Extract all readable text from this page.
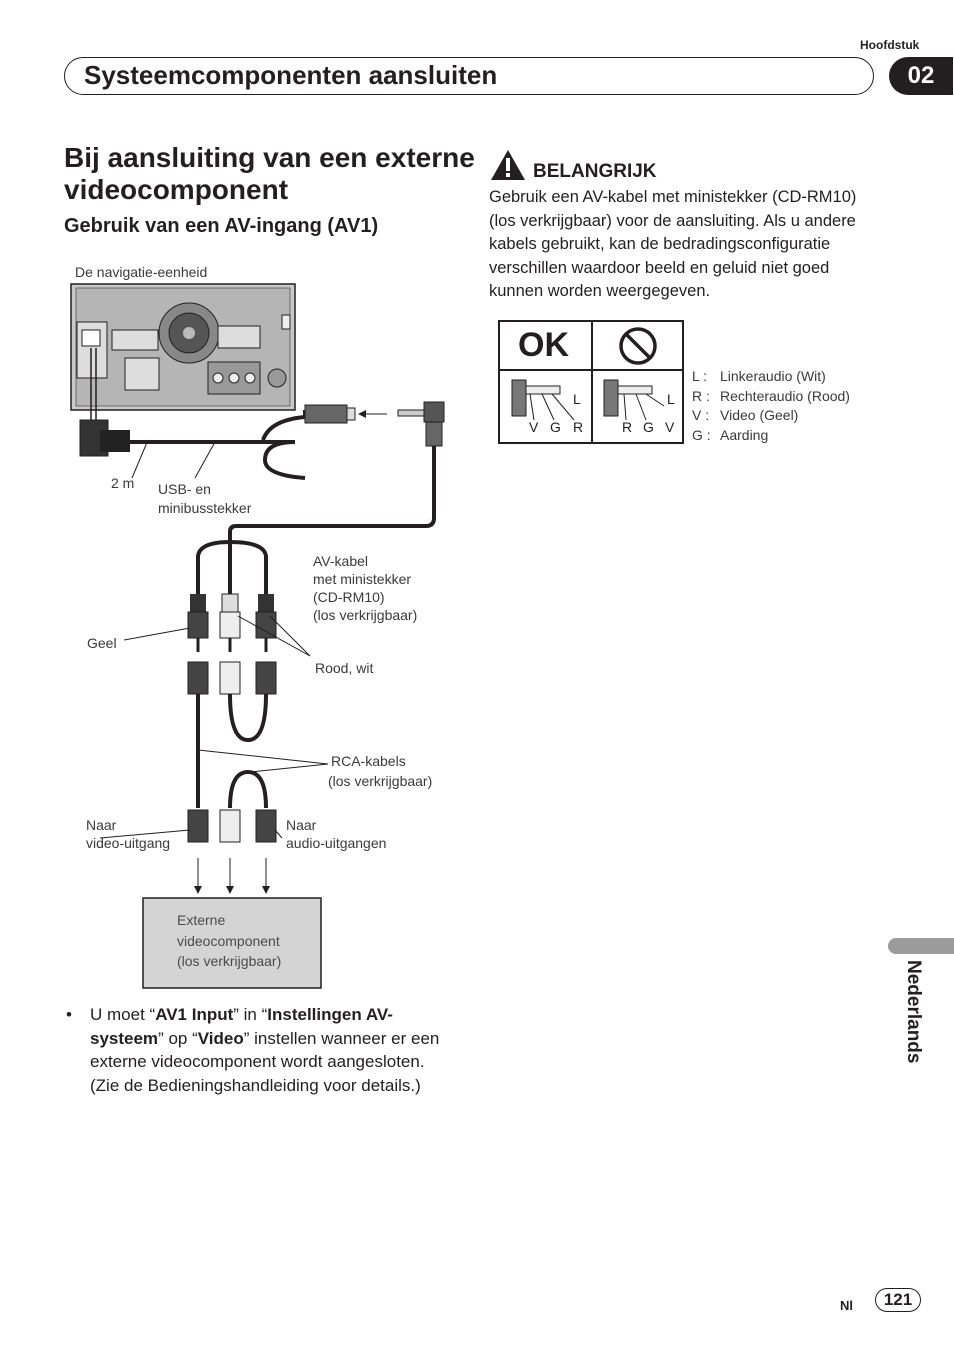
Hoofdstuk
Systeemcomponenten aansluiten	02
Bij aansluiting van een externe videocomponent
Gebruik van een AV-ingang (AV1)
De navigatie-eenheid
2 m USB- en
minibusstekker
AV-kabel
met ministekker
(CD-RM10)
(los verkrijgbaar)
Geel
Rood, wit
RCA-kabels
(los verkrijgbaar)
Naar
video-uitgang
Naar
audio-uitgangen
Externe
videocomponent
(los verkrijgbaar)
• U moet “AV1 Input” in “Instellingen AV-systeem” op “Video” instellen wanneer er een externe videocomponent wordt aangesloten. (Zie de Bedieningshandleiding voor details.)
BELANGRIJK
Gebruik een AV-kabel met ministekker (CD-RM10) (los verkrijgbaar) voor de aansluiting. Als u andere kabels gebruikt, kan de bedradingsconfiguratie verschillen waardoor beeld en geluid niet goed kunnen worden weergegeven.
OK
L
V G R
L
R G V
L : Linkeraudio (Wit)
R : Rechteraudio (Rood)
V : Video (Geel)
G : Aarding
Nederlands
Nl	121
